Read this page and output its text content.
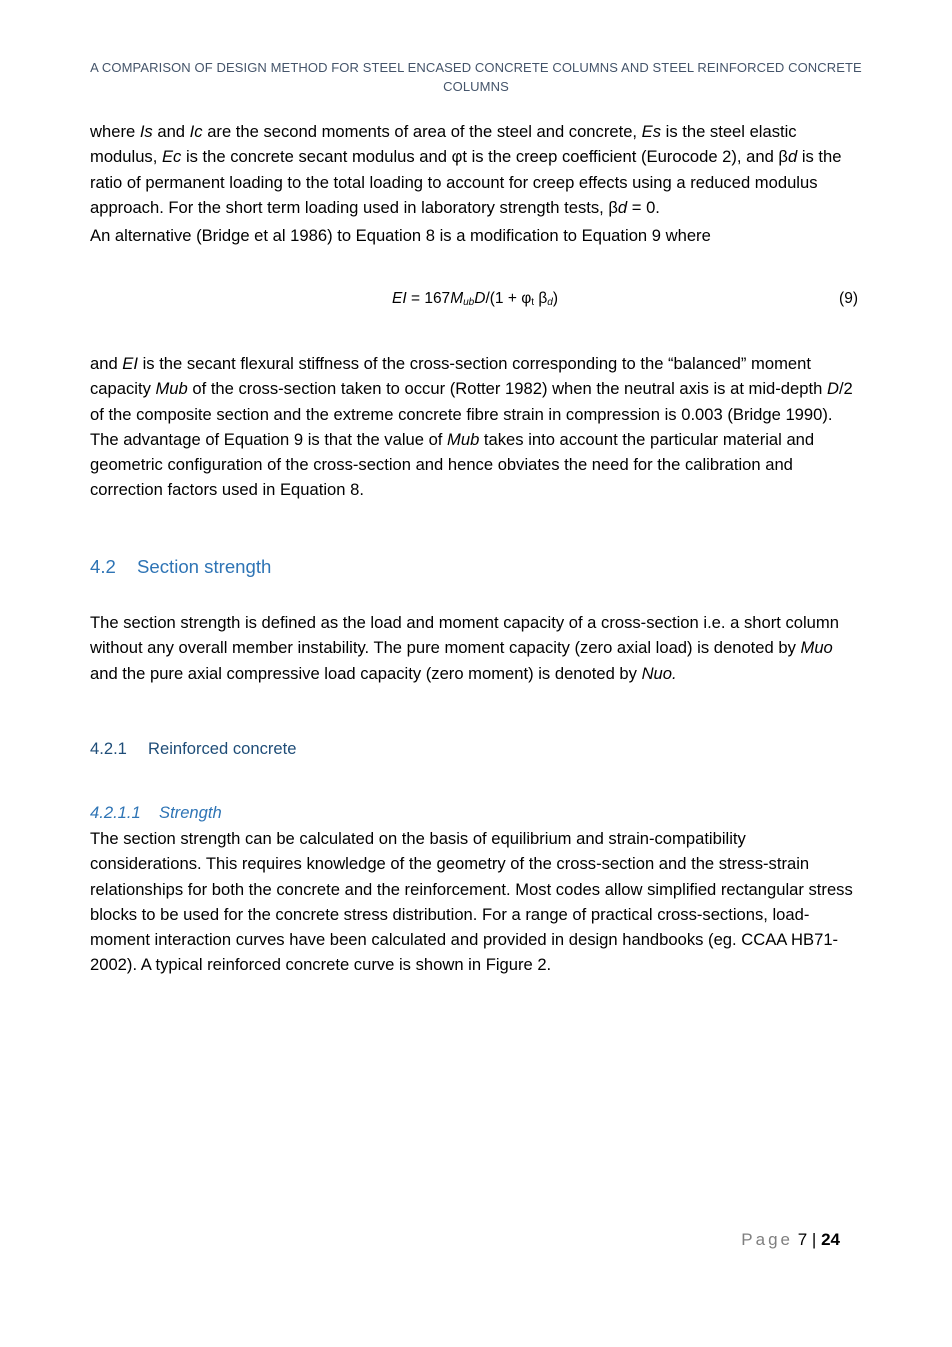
A COMPARISON OF DESIGN METHOD FOR STEEL ENCASED CONCRETE COLUMNS AND STEEL REINFORCED CONCRETE
COLUMNS

where Is and Ic are the second moments of area of the steel and concrete, Es is the steel elastic modulus, Ec is the concrete secant modulus and φt is the creep coefficient (Eurocode 2), and βd is the ratio of permanent loading to the total loading to account for creep effects using a reduced modulus approach. For the short term loading used in laboratory strength tests, βd = 0.

An alternative (Bridge et al 1986) to Equation 8 is a modification to Equation 9 where

EI = $167M_{ub}D/(1 + \varphi_t$ $\beta_d$)	(9)

and EI is the secant flexural stiffness of the cross-section corresponding to the “balanced” moment capacity Mub of the cross-section taken to occur (Rotter 1982) when the neutral axis is at mid-depth D/2 of the composite section and the extreme concrete fibre strain in compression is 0.003 (Bridge 1990). The advantage of Equation 9 is that the value of Mub takes into account the particular material and geometric configuration of the cross-section and hence obviates the need for the calibration and correction factors used in Equation 8.

4.2 Section strength

The section strength is defined as the load and moment capacity of a cross-section i.e. a short column without any overall member instability. The pure moment capacity (zero axial load) is denoted by Muo and the pure axial compressive load capacity (zero moment) is denoted by Nuo.

4.2.1 Reinforced concrete
4.2.1.1 Strength

The section strength can be calculated on the basis of equilibrium and strain-compatibility considerations. This requires knowledge of the geometry of the cross-section and the stress-strain relationships for both the concrete and the reinforcement. Most codes allow simplified rectangular stress blocks to be used for the concrete stress distribution. For a range of practical cross-sections, load-moment interaction curves have been calculated and provided in design handbooks (eg. CCAA HB71-2002). A typical reinforced concrete curve is shown in Figure 2.

Page 7 | 24
